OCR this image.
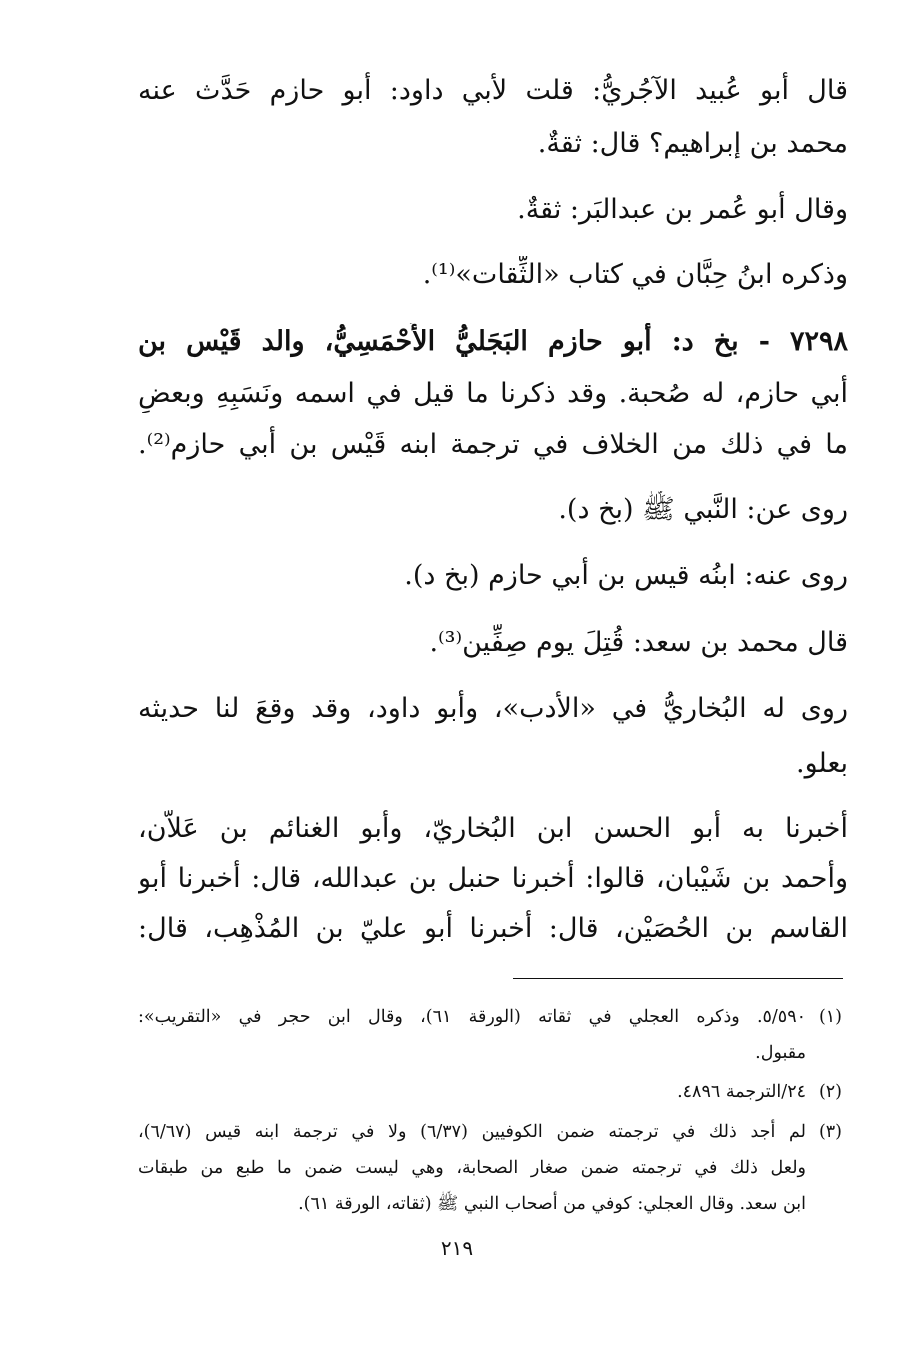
قال أبو عُبيد الآجُريُّ: قلت لأبي داود: أبو حازم حَدَّث عنه

محمد بن إبراهيم؟ قال: ثقةٌ.

وقال أبو عُمر بن عبدالبَر: ثقةٌ.

وذكره ابنُ حِبَّان في كتاب «الثِّقات»⁽¹⁾.

٧٢٩٨ - بخ د: أبو حازم البَجَليُّ الأَحْمَسِيُّ، والد قَيْس بن

أبي حازم، له صُحبة. وقد ذكرنا ما قيل في اسمه ونَسَبِهِ وبعضِ

ما في ذلك من الخلاف في ترجمة ابنه قَيْس بن أبي حازم⁽²⁾.

روى عن: النَّبي ﷺ (بخ د).

روى عنه: ابنُه قيس بن أبي حازم (بخ د).

قال محمد بن سعد: قُتِلَ يوم صِفِّين⁽³⁾.

روى له البُخاريُّ في «الأدب»، وأبو داود، وقد وقعَ لنا حديثه

بعلو.

أخبرنا به أبو الحسن ابن البُخاريّ، وأبو الغنائم بن عَلاَّن،

وأحمد بن شَيْبان، قالوا: أخبرنا حنبل بن عبدالله، قال: أخبرنا أبو

القاسم بن الحُصَيْن، قال: أخبرنا أبو عليّ بن المُذْهِب، قال:

(١)

٥/٥٩٠. وذكره العجلي في ثقاته (الورقة ٦١)، وقال ابن حجر في «التقريب»:

مقبول.

(٢)

٢٤/الترجمة ٤٨٩٦.

(٣)

لم أجد ذلك في ترجمته ضمن الكوفيين (٦/٣٧) ولا في ترجمة ابنه قيس (٦/٦٧)،

ولعل ذلك في ترجمته ضمن صغار الصحابة، وهي ليست ضمن ما طبع من طبقات

ابن سعد. وقال العجلي: كوفي من أصحاب النبي ﷺ (ثقاته، الورقة ٦١).

٢١٩
